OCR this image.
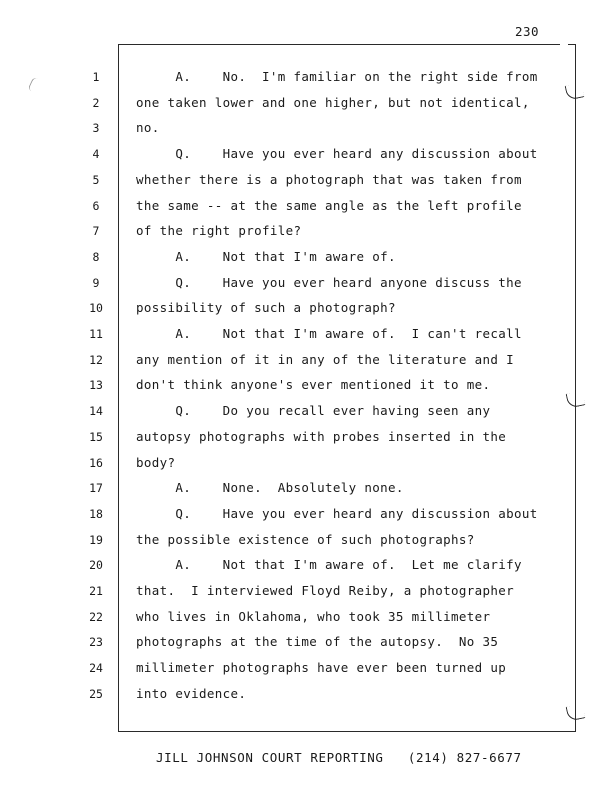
230
1	A.    No.  I'm familiar on the right side from
2	one taken lower and one higher, but not identical,
3	no.
4	Q.    Have you ever heard any discussion about
5	whether there is a photograph that was taken from
6	the same -- at the same angle as the left profile
7	of the right profile?
8	A.    Not that I'm aware of.
9	Q.    Have you ever heard anyone discuss the
10	possibility of such a photograph?
11	A.    Not that I'm aware of.  I can't recall
12	any mention of it in any of the literature and I
13	don't think anyone's ever mentioned it to me.
14	Q.    Do you recall ever having seen any
15	autopsy photographs with probes inserted in the
16	body?
17	A.    None.  Absolutely none.
18	Q.    Have you ever heard any discussion about
19	the possible existence of such photographs?
20	A.    Not that I'm aware of.  Let me clarify
21	that.  I interviewed Floyd Reiby, a photographer
22	who lives in Oklahoma, who took 35 millimeter
23	photographs at the time of the autopsy.  No 35
24	millimeter photographs have ever been turned up
25	into evidence.
JILL JOHNSON COURT REPORTING   (214) 827-6677
